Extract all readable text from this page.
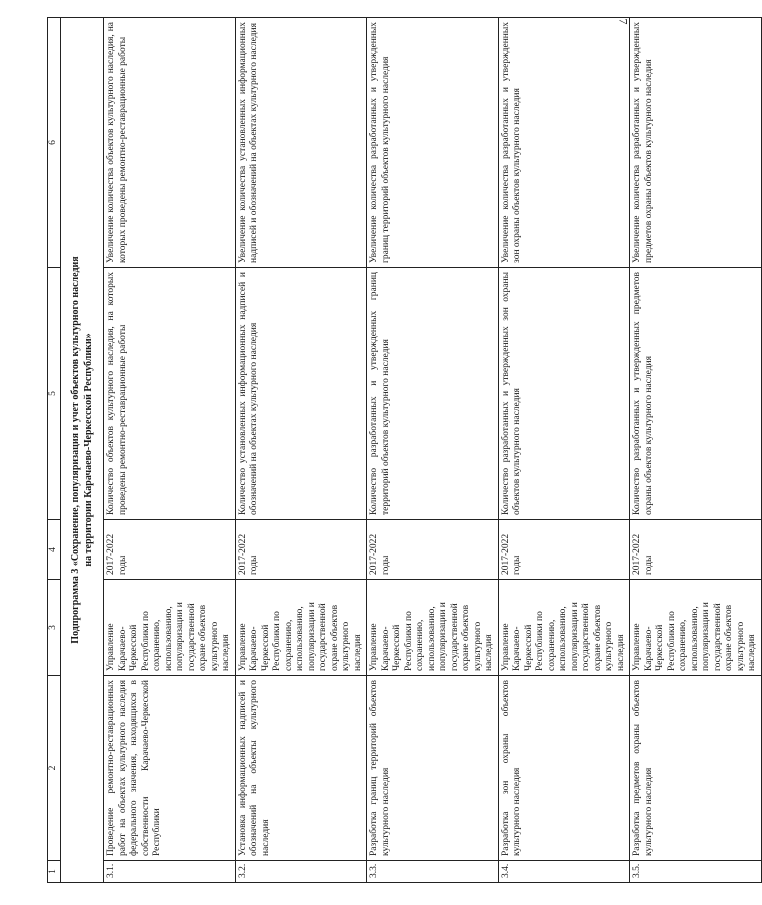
7
1	2	3	4	5	6

Подпрограмма 3 «Сохранение, популяризация и учет объектов культурного наследия на территории Карачаево-Черкесской Республики»					

3.1.	Проведение ремонтно-реставрационных работ на объектах культурного наследия федерального значения, находящихся в собственности Карачаево-Черкесской Республики	Управление Карачаево-Черкесской Республики по сохранению, использованию, популяризации и государственной охране объектов культурного наследия	2017-2022 годы	Количество объектов культурного наследия, на которых проведены ремонтно-реставрационные работы	Увеличение количества объектов культурного наследия, на которых проведены ремонтно-реставрационные работы
3.2.	Установка информационных надписей и обозначений на объекты культурного наследия	Управление Карачаево-Черкесской Республики по сохранению, использованию, популяризации и государственной охране объектов культурного наследия	2017-2022 годы	Количество установленных информационных надписей и обозначений на объектах культурного наследия	Увеличение количества установленных информационных надписей и обозначений на объектах культурного наследия
3.3.	Разработка границ территорий объектов культурного наследия	Управление Карачаево-Черкесской Республики по сохранению, использованию, популяризации и государственной охране объектов культурного наследия	2017-2022 годы	Количество разработанных и утвержденных границ территорий объектов культурного наследия	Увеличение количества разработанных и утвержденных границ территорий объектов культурного наследия
3.4.	Разработка зон охраны объектов культурного наследия	Управление Карачаево-Черкесской Республики по сохранению, использованию, популяризации и государственной охране объектов культурного наследия	2017-2022 годы	Количество разработанных и утвержденных зон охраны объектов культурного наследия	Увеличение количества разработанных и утвержденных зон охраны объектов культурного наследия
3.5.	Разработка предметов охраны объектов культурного наследия	Управление Карачаево-Черкесской Республики по сохранению, использованию, популяризации и государственной охране объектов культурного наследия	2017-2022 годы	Количество разработанных и утвержденных предметов охраны объектов культурного наследия	Увеличение количества разработанных и утвержденных предметов охраны объектов культурного наследия
